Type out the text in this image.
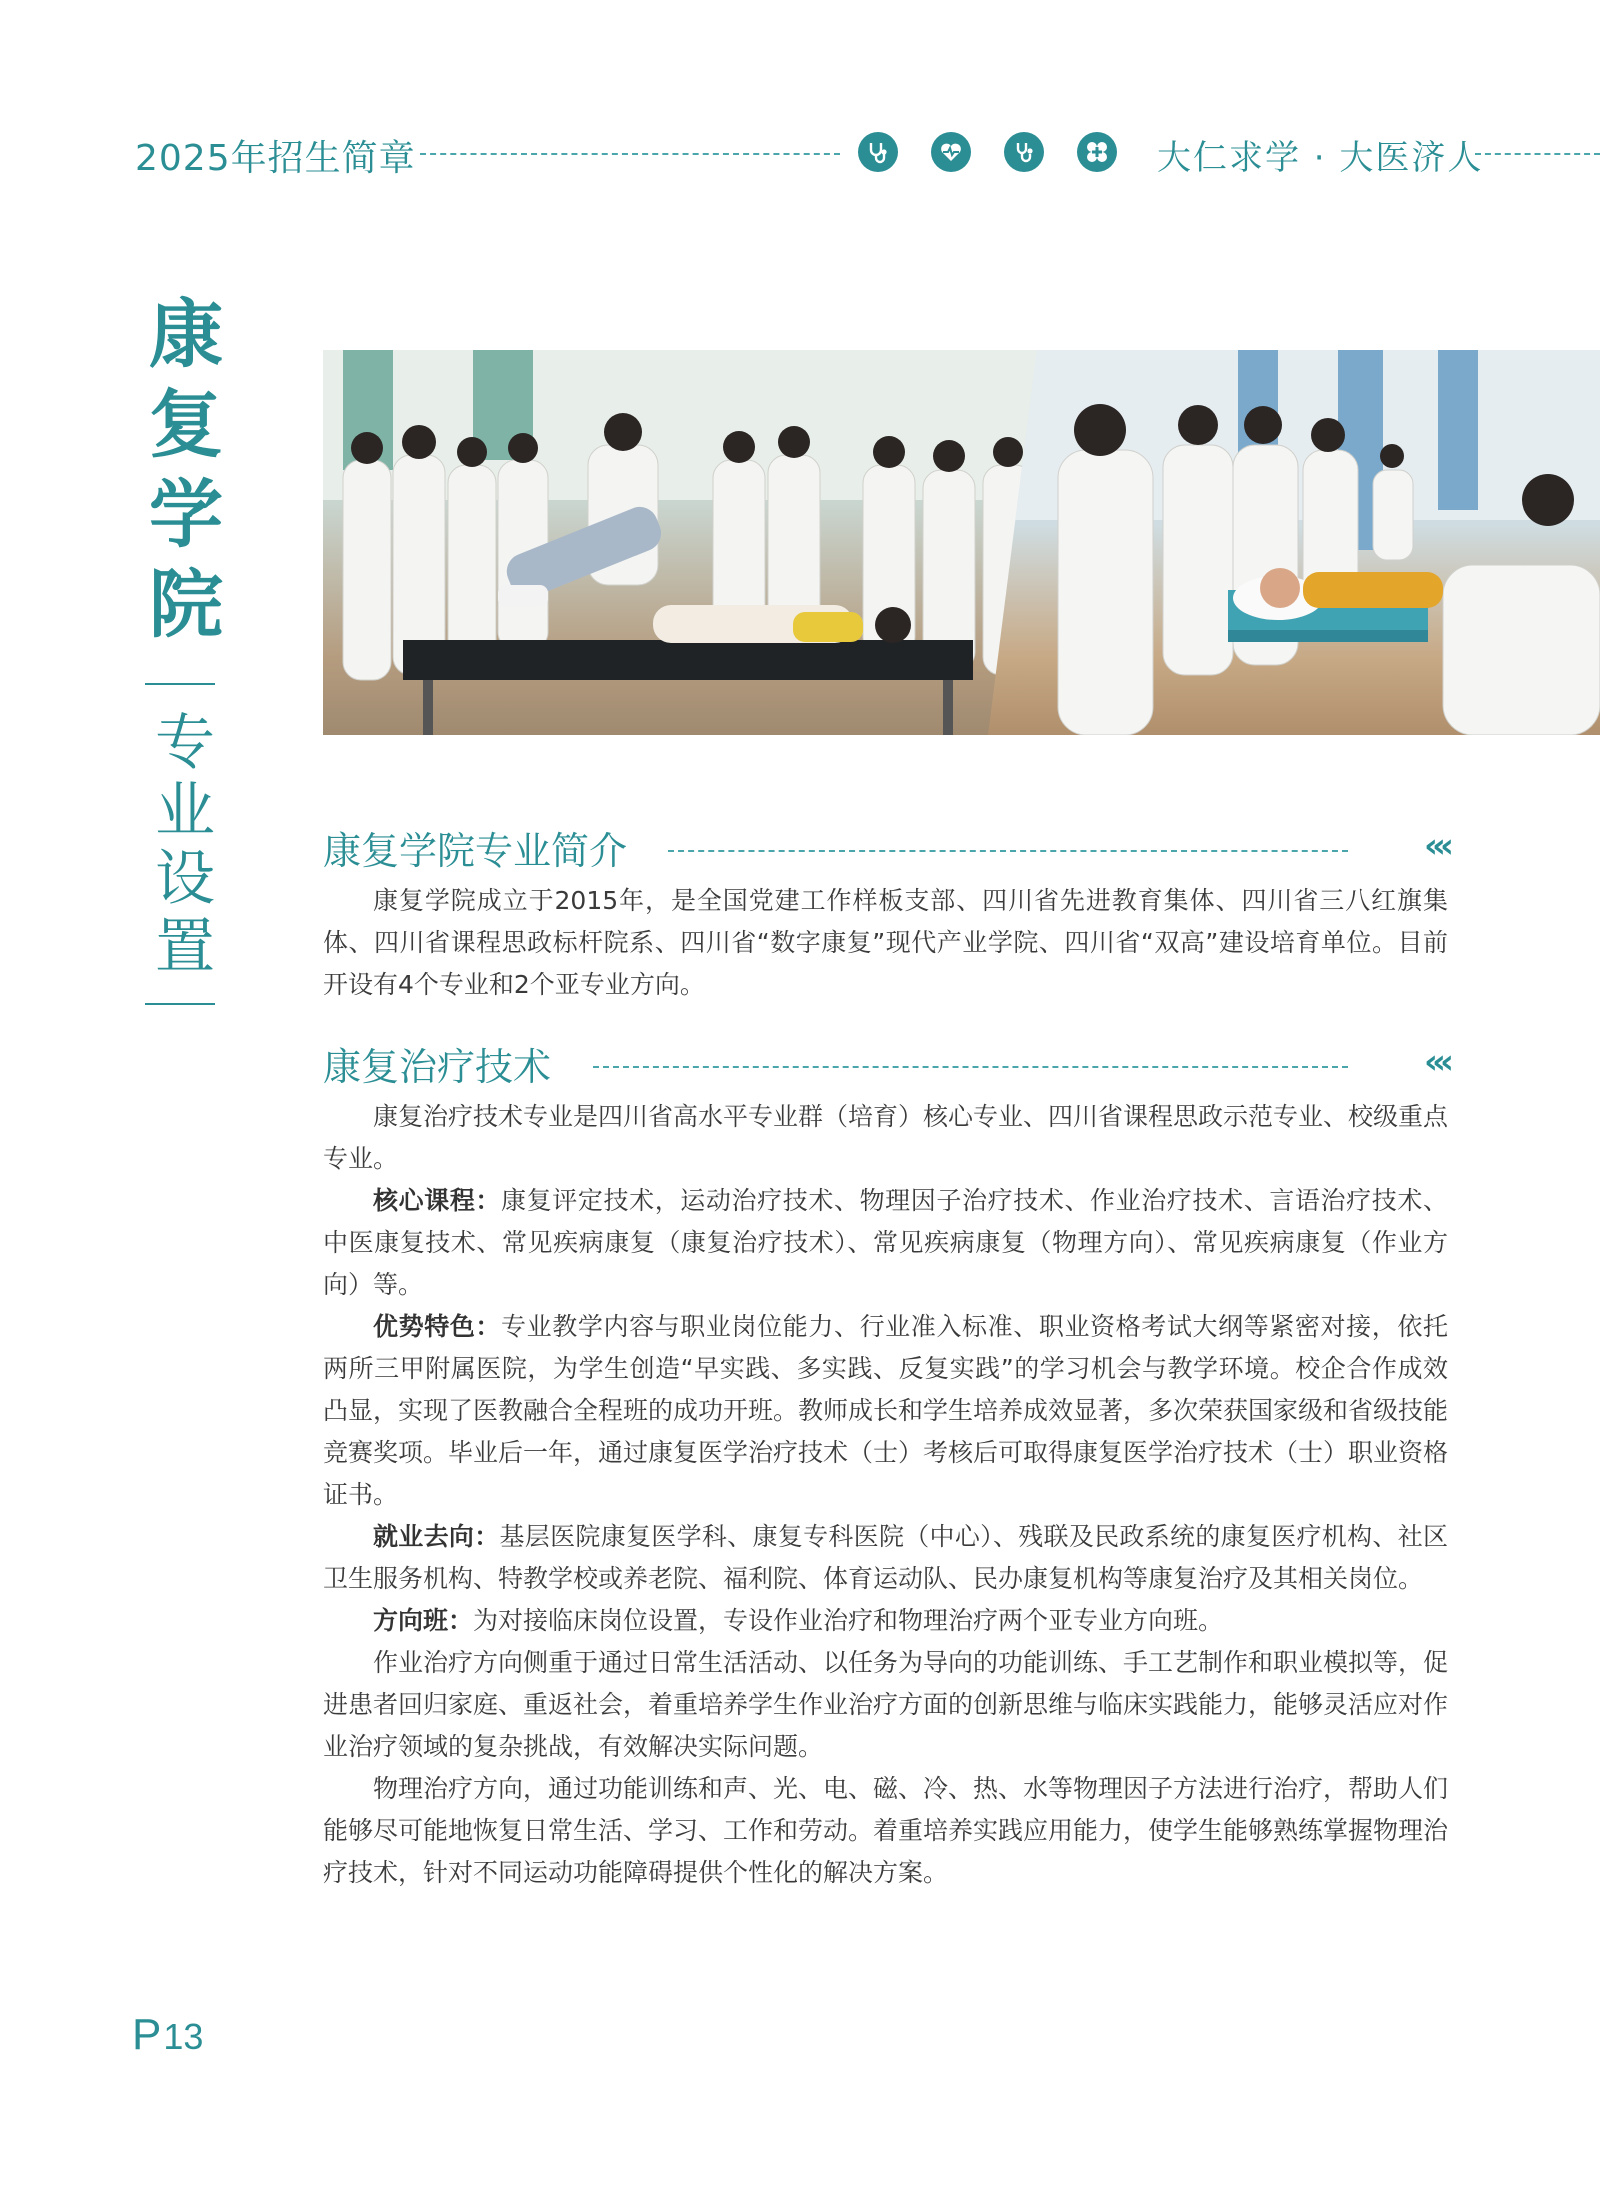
2025年招生简章	大仁求学 · 大医济人
康复学院
专业设置	康复学院专业简介	‹‹‹

康复学院成立于2015年，是全国党建工作样板支部、四川省先进教育集体、四川省三八红旗集体、四川省课程思政标杆院系、四川省“数字康复”现代产业学院、四川省“双高”建设培育单位。目前开设有4个专业和2个亚专业方向。

康复治疗技术	‹‹‹

康复治疗技术专业是四川省高水平专业群（培育）核心专业、四川省课程思政示范专业、校级重点专业。

核心课程：康复评定技术，运动治疗技术、物理因子治疗技术、作业治疗技术、言语治疗技术、中医康复技术、常见疾病康复（康复治疗技术）、常见疾病康复（物理方向）、常见疾病康复（作业方向）等。

优势特色：专业教学内容与职业岗位能力、行业准入标准、职业资格考试大纲等紧密对接，依托两所三甲附属医院，为学生创造“早实践、多实践、反复实践”的学习机会与教学环境。校企合作成效凸显，实现了医教融合全程班的成功开班。教师成长和学生培养成效显著，多次荣获国家级和省级技能竞赛奖项。毕业后一年，通过康复医学治疗技术（士）考核后可取得康复医学治疗技术（士）职业资格证书。

就业去向：基层医院康复医学科、康复专科医院（中心）、残联及民政系统的康复医疗机构、社区卫生服务机构、特教学校或养老院、福利院、体育运动队、民办康复机构等康复治疗及其相关岗位。

方向班：为对接临床岗位设置，专设作业治疗和物理治疗两个亚专业方向班。

作业治疗方向侧重于通过日常生活活动、以任务为导向的功能训练、手工艺制作和职业模拟等，促进患者回归家庭、重返社会，着重培养学生作业治疗方面的创新思维与临床实践能力，能够灵活应对作业治疗领域的复杂挑战，有效解决实际问题。

物理治疗方向，通过功能训练和声、光、电、磁、冷、热、水等物理因子方法进行治疗，帮助人们能够尽可能地恢复日常生活、学习、工作和劳动。着重培养实践应用能力，使学生能够熟练掌握物理治疗技术，针对不同运动功能障碍提供个性化的解决方案。

P13
